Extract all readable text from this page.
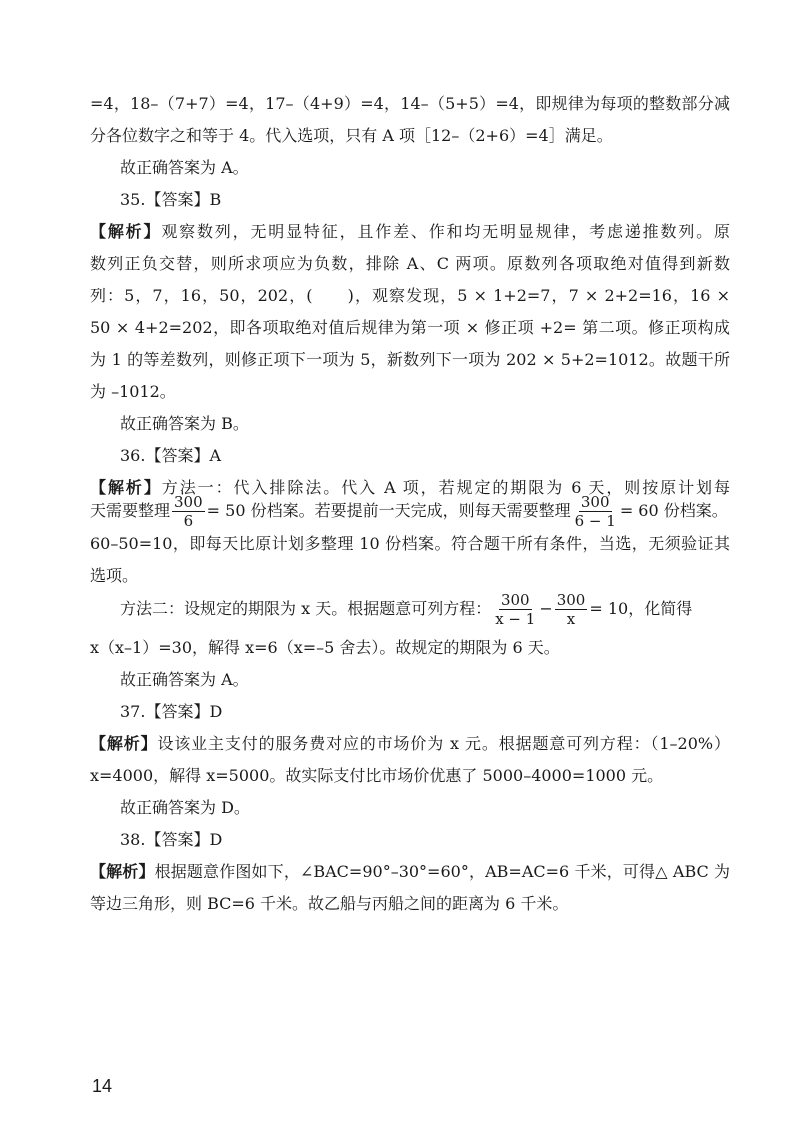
=4，18–（7+7）=4，17–（4+9）=4，14–（5+5）=4，即规律为每项的整数部分减
分各位数字之和等于 4。代入选项，只有 A 项［12–（2+6）=4］满足。
故正确答案为 A。
35.【答案】B
【解析】观察数列，无明显特征，且作差、作和均无明显规律，考虑递推数列。原
数列正负交替，则所求项应为负数，排除 A、C 两项。原数列各项取绝对值得到新数
列：5，7，16，50，202，(　　)，观察发现，5 × 1+2=7，7 × 2+2=16，16 ×
50 × 4+2=202，即各项取绝对值后规律为第一项 × 修正项 +2= 第二项。修正项构成
为 1 的等差数列，则修正项下一项为 5，新数列下一项为 202 × 5+2=1012。故题干所
为 –1012。
故正确答案为 B。
36.【答案】A
【解析】方法一：代入排除法。代入 A 项，若规定的期限为 6 天，则按原计划每
天需要整理 $\frac{300}{6} = 50$ 份档案。若要提前一天完成，则每天需要整理 $\frac{300}{6 - 1} = 60$ 份档案。
60–50=10，即每天比原计划多整理 10 份档案。符合题干所有条件，当选，无须验证其
选项。
方法二：设规定的期限为 x 天。根据题意可列方程： $\frac{300}{x - 1} - \frac{300}{x} = 10$，化简得
x（x–1）=30，解得 x=6（x=–5 舍去）。故规定的期限为 6 天。
故正确答案为 A。
37.【答案】D
【解析】设该业主支付的服务费对应的市场价为 x 元。根据题意可列方程：（1–20%）
x=4000，解得 x=5000。故实际支付比市场价优惠了 5000–4000=1000 元。
故正确答案为 D。
38.【答案】D
【解析】根据题意作图如下，∠BAC=90°–30°=60°，AB=AC=6 千米，可得△ ABC 为
等边三角形，则 BC=6 千米。故乙船与丙船之间的距离为 6 千米。
14
